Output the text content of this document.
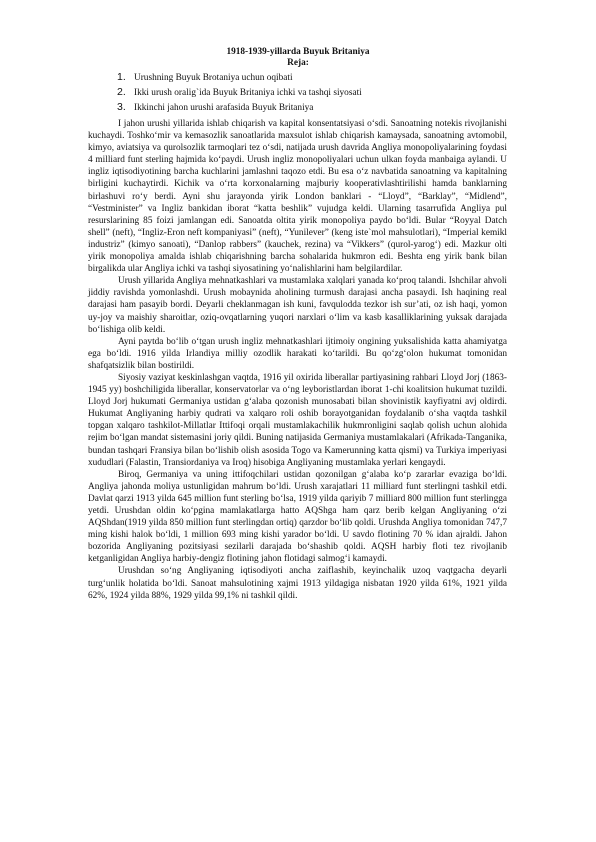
1918-1939-yillarda Buyuk Britaniya
Reja:
1. Urushning Buyuk Brotaniya uchun oqibati
2. Ikki urush oralig`ida Buyuk Britaniya ichki va tashqi siyosati
3. Ikkinchi jahon urushi arafasida Buyuk Britaniya

I jahon urushi yillarida ishlab chiqarish va kapital konsentatsiyasi o‘sdi. Sanoatning notekis rivojlanishi kuchaydi. Toshko‘mir va kemasozlik sanoatlarida maxsulot ishlab chiqarish kamaysada, sanoatning avtomobil, kimyo, aviatsiya va qurolsozlik tarmoqlari tez o‘sdi, natijada urush davrida Angliya monopoliyalarining foydasi 4 milliard funt sterling hajmida ko‘paydi. Urush ingliz monopoliyalari uchun ulkan foyda manbaiga aylandi. U ingliz iqtisodiyotining barcha kuchlarini jamlashni taqozo etdi. Bu esa o‘z navbatida sanoatning va kapitalning birligini kuchaytirdi. Kichik va o‘rta korxonalarning majburiy kooperativlashtirilishi hamda banklarning birlashuvi ro‘y berdi. Ayni shu jarayonda yirik London banklari - “Lloyd”, “Barklay”, “Midlend”, “Vestminister” va Ingliz bankidan iborat “katta beshlik” vujudga keldi. Ularning tasarrufida Angliya pul resurslarining 85 foizi jamlangan edi. Sanoatda oltita yirik monopoliya paydo bo‘ldi. Bular “Royyal Datch shell” (neft), “Ingliz-Eron neft kompaniyasi” (neft), “Yunilever” (keng iste`mol mahsulotlari), “Imperial kemikl industriz” (kimyo sanoati), “Danlop rabbers” (kauchek, rezina) va “Vikkers” (qurol-yarog‘) edi. Mazkur olti yirik monopoliya amalda ishlab chiqarishning barcha sohalarida hukmron edi. Beshta eng yirik bank bilan birgalikda ular Angliya ichki va tashqi siyosatining yo‘nalishlarini ham belgilardilar.

Urush yillarida Angliya mehnatkashlari va mustamlaka xalqlari yanada ko‘proq talandi. Ishchilar ahvoli jiddiy ravishda yomonlashdi. Urush mobaynida aholining turmush darajasi ancha pasaydi. Ish haqining real darajasi ham pasayib bordi. Deyarli cheklanmagan ish kuni, favqulodda tezkor ish sur’ati, oz ish haqi, yomon uy-joy va maishiy sharoitlar, oziq-ovqatlarning yuqori narxlari o‘lim va kasb kasalliklarining yuksak darajada bo‘lishiga olib keldi.

Ayni paytda bo‘lib o‘tgan urush ingliz mehnatkashlari ijtimoiy ongining yuksalishida katta ahamiyatga ega bo‘ldi. 1916 yilda Irlandiya milliy ozodlik harakati ko‘tarildi. Bu qo‘zg‘olon hukumat tomonidan shafqatsizlik bilan bostirildi.

Siyosiy vaziyat keskinlashgan vaqtda, 1916 yil oxirida liberallar partiyasining rahbari Lloyd Jorj (1863-1945 yy) boshchiligida liberallar, konservatorlar va o‘ng leyboristlardan iborat 1-chi koalitsion hukumat tuzildi. Lloyd Jorj hukumati Germaniya ustidan g‘alaba qozonish munosabati bilan shovinistik kayfiyatni avj oldirdi. Hukumat Angliyaning harbiy qudrati va xalqaro roli oshib borayotganidan foydalanib o‘sha vaqtda tashkil topgan xalqaro tashkilot-Millatlar Ittifoqi orqali mustamlakachilik hukmronligini saqlab qolish uchun alohida rejim bo‘lgan mandat sistemasini joriy qildi. Buning natijasida Germaniya mustamlakalari (Afrikada-Tanganika, bundan tashqari Fransiya bilan bo‘lishib olish asosida Togo va Kamerunning katta qismi) va Turkiya imperiyasi xududlari (Falastin, Transiordaniya va Iroq) hisobiga Angliyaning mustamlaka yerlari kengaydi.

Biroq, Germaniya va uning ittifoqchilari ustidan qozonilgan g‘alaba ko‘p zararlar evaziga bo‘ldi. Angliya jahonda moliya ustunligidan mahrum bo‘ldi. Urush xarajatlari 11 milliard funt sterlingni tashkil etdi. Davlat qarzi 1913 yilda 645 million funt sterling bo‘lsa, 1919 yilda qariyib 7 milliard 800 million funt sterlingga yetdi. Urushdan oldin ko‘pgina mamlakatlarga hatto AQShga ham qarz berib kelgan Angliyaning o‘zi AQShdan(1919 yilda 850 million funt sterlingdan ortiq) qarzdor bo‘lib qoldi. Urushda Angliya tomonidan 747,7 ming kishi halok bo‘ldi, 1 million 693 ming kishi yarador bo‘ldi. U savdo flotining 70 % idan ajraldi. Jahon bozorida Angliyaning pozitsiyasi sezilarli darajada bo‘shashib qoldi. AQSH harbiy floti tez rivojlanib ketganligidan Angliya harbiy-dengiz flotining jahon flotidagi salmog‘i kamaydi.

Urushdan so‘ng Angliyaning iqtisodiyoti ancha zaiflashib, keyinchalik uzoq vaqtgacha deyarli turg‘unlik holatida bo‘ldi. Sanoat mahsulotining xajmi 1913 yildagiga nisbatan 1920 yilda 61%, 1921 yilda 62%, 1924 yilda 88%, 1929 yilda 99,1% ni tashkil qildi.
